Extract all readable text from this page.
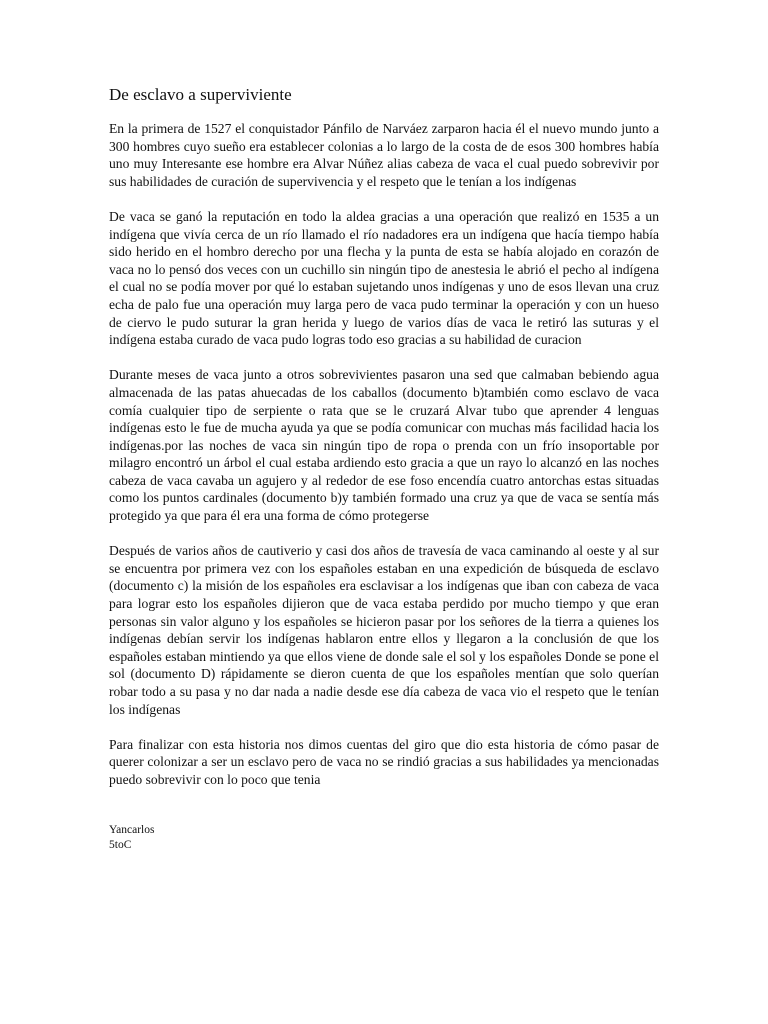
De esclavo a superviviente

En la primera de 1527 el conquistador Pánfilo de Narváez zarparon hacia él el nuevo mundo junto a 300 hombres cuyo sueño era establecer colonias a lo largo de la costa de de esos 300 hombres había uno muy Interesante ese hombre era Alvar Núñez alias cabeza de vaca el cual puedo sobrevivir por sus habilidades de curación de supervivencia y el respeto que le tenían a los indígenas

De vaca se ganó la reputación en todo la aldea gracias a una operación que realizó en 1535 a un indígena que vivía cerca de un río llamado el río nadadores era un indígena que hacía tiempo había sido herido en el hombro derecho por una flecha y la punta de esta se había alojado en corazón de vaca no lo pensó dos veces con un cuchillo sin ningún tipo de anestesia le abrió el pecho al indígena el cual no se podía mover por qué lo estaban sujetando unos indígenas y uno de esos llevan una cruz echa de palo fue una operación muy larga pero de vaca pudo terminar la operación y con un hueso de ciervo le pudo suturar la gran herida y luego de varios días de vaca le retiró las suturas y el indígena estaba curado de vaca pudo logras todo eso gracias a su habilidad de curacion

Durante meses de vaca junto a otros sobrevivientes pasaron una sed que calmaban bebiendo agua almacenada de las patas ahuecadas de los caballos (documento b)también como esclavo de vaca comía cualquier tipo de serpiente o rata que se le cruzará Alvar tubo que aprender 4 lenguas indígenas esto le fue de mucha ayuda ya que se podía comunicar con muchas más facilidad hacia los indígenas.por las noches de vaca sin ningún tipo de ropa o prenda con un frío insoportable por milagro encontró un árbol el cual estaba ardiendo esto gracia a que un rayo lo alcanzó en las noches cabeza de vaca cavaba un agujero y al rededor de ese foso encendía cuatro antorchas estas situadas como los puntos cardinales (documento b)y también formado una cruz ya que de vaca se sentía más protegido ya que para él era una forma de cómo protegerse

Después de varios años de cautiverio y casi dos años de travesía de vaca caminando al oeste y al sur se encuentra por primera vez con los españoles estaban en una expedición de búsqueda de esclavo (documento c) la misión de los españoles era esclavisar a los indígenas que iban con cabeza de vaca para lograr esto los españoles dijieron que de vaca estaba perdido por mucho tiempo y que eran personas sin valor alguno y los españoles se hicieron pasar por los señores de la tierra a quienes los indígenas debían servir los indígenas hablaron entre ellos y llegaron a la conclusión de que los españoles estaban mintiendo ya que ellos viene de donde sale el sol y los españoles Donde se pone el sol (documento D) rápidamente se dieron cuenta de que los españoles mentían que solo querían robar todo a su pasa y no dar nada a nadie desde ese día cabeza de vaca vio el respeto que le tenían los indígenas

Para finalizar con esta historia nos dimos cuentas del giro que dio esta historia de cómo pasar de querer colonizar a ser un esclavo pero de vaca no se rindió gracias a sus habilidades ya mencionadas puedo sobrevivir con lo poco que tenia

Yancarlos
5toC
